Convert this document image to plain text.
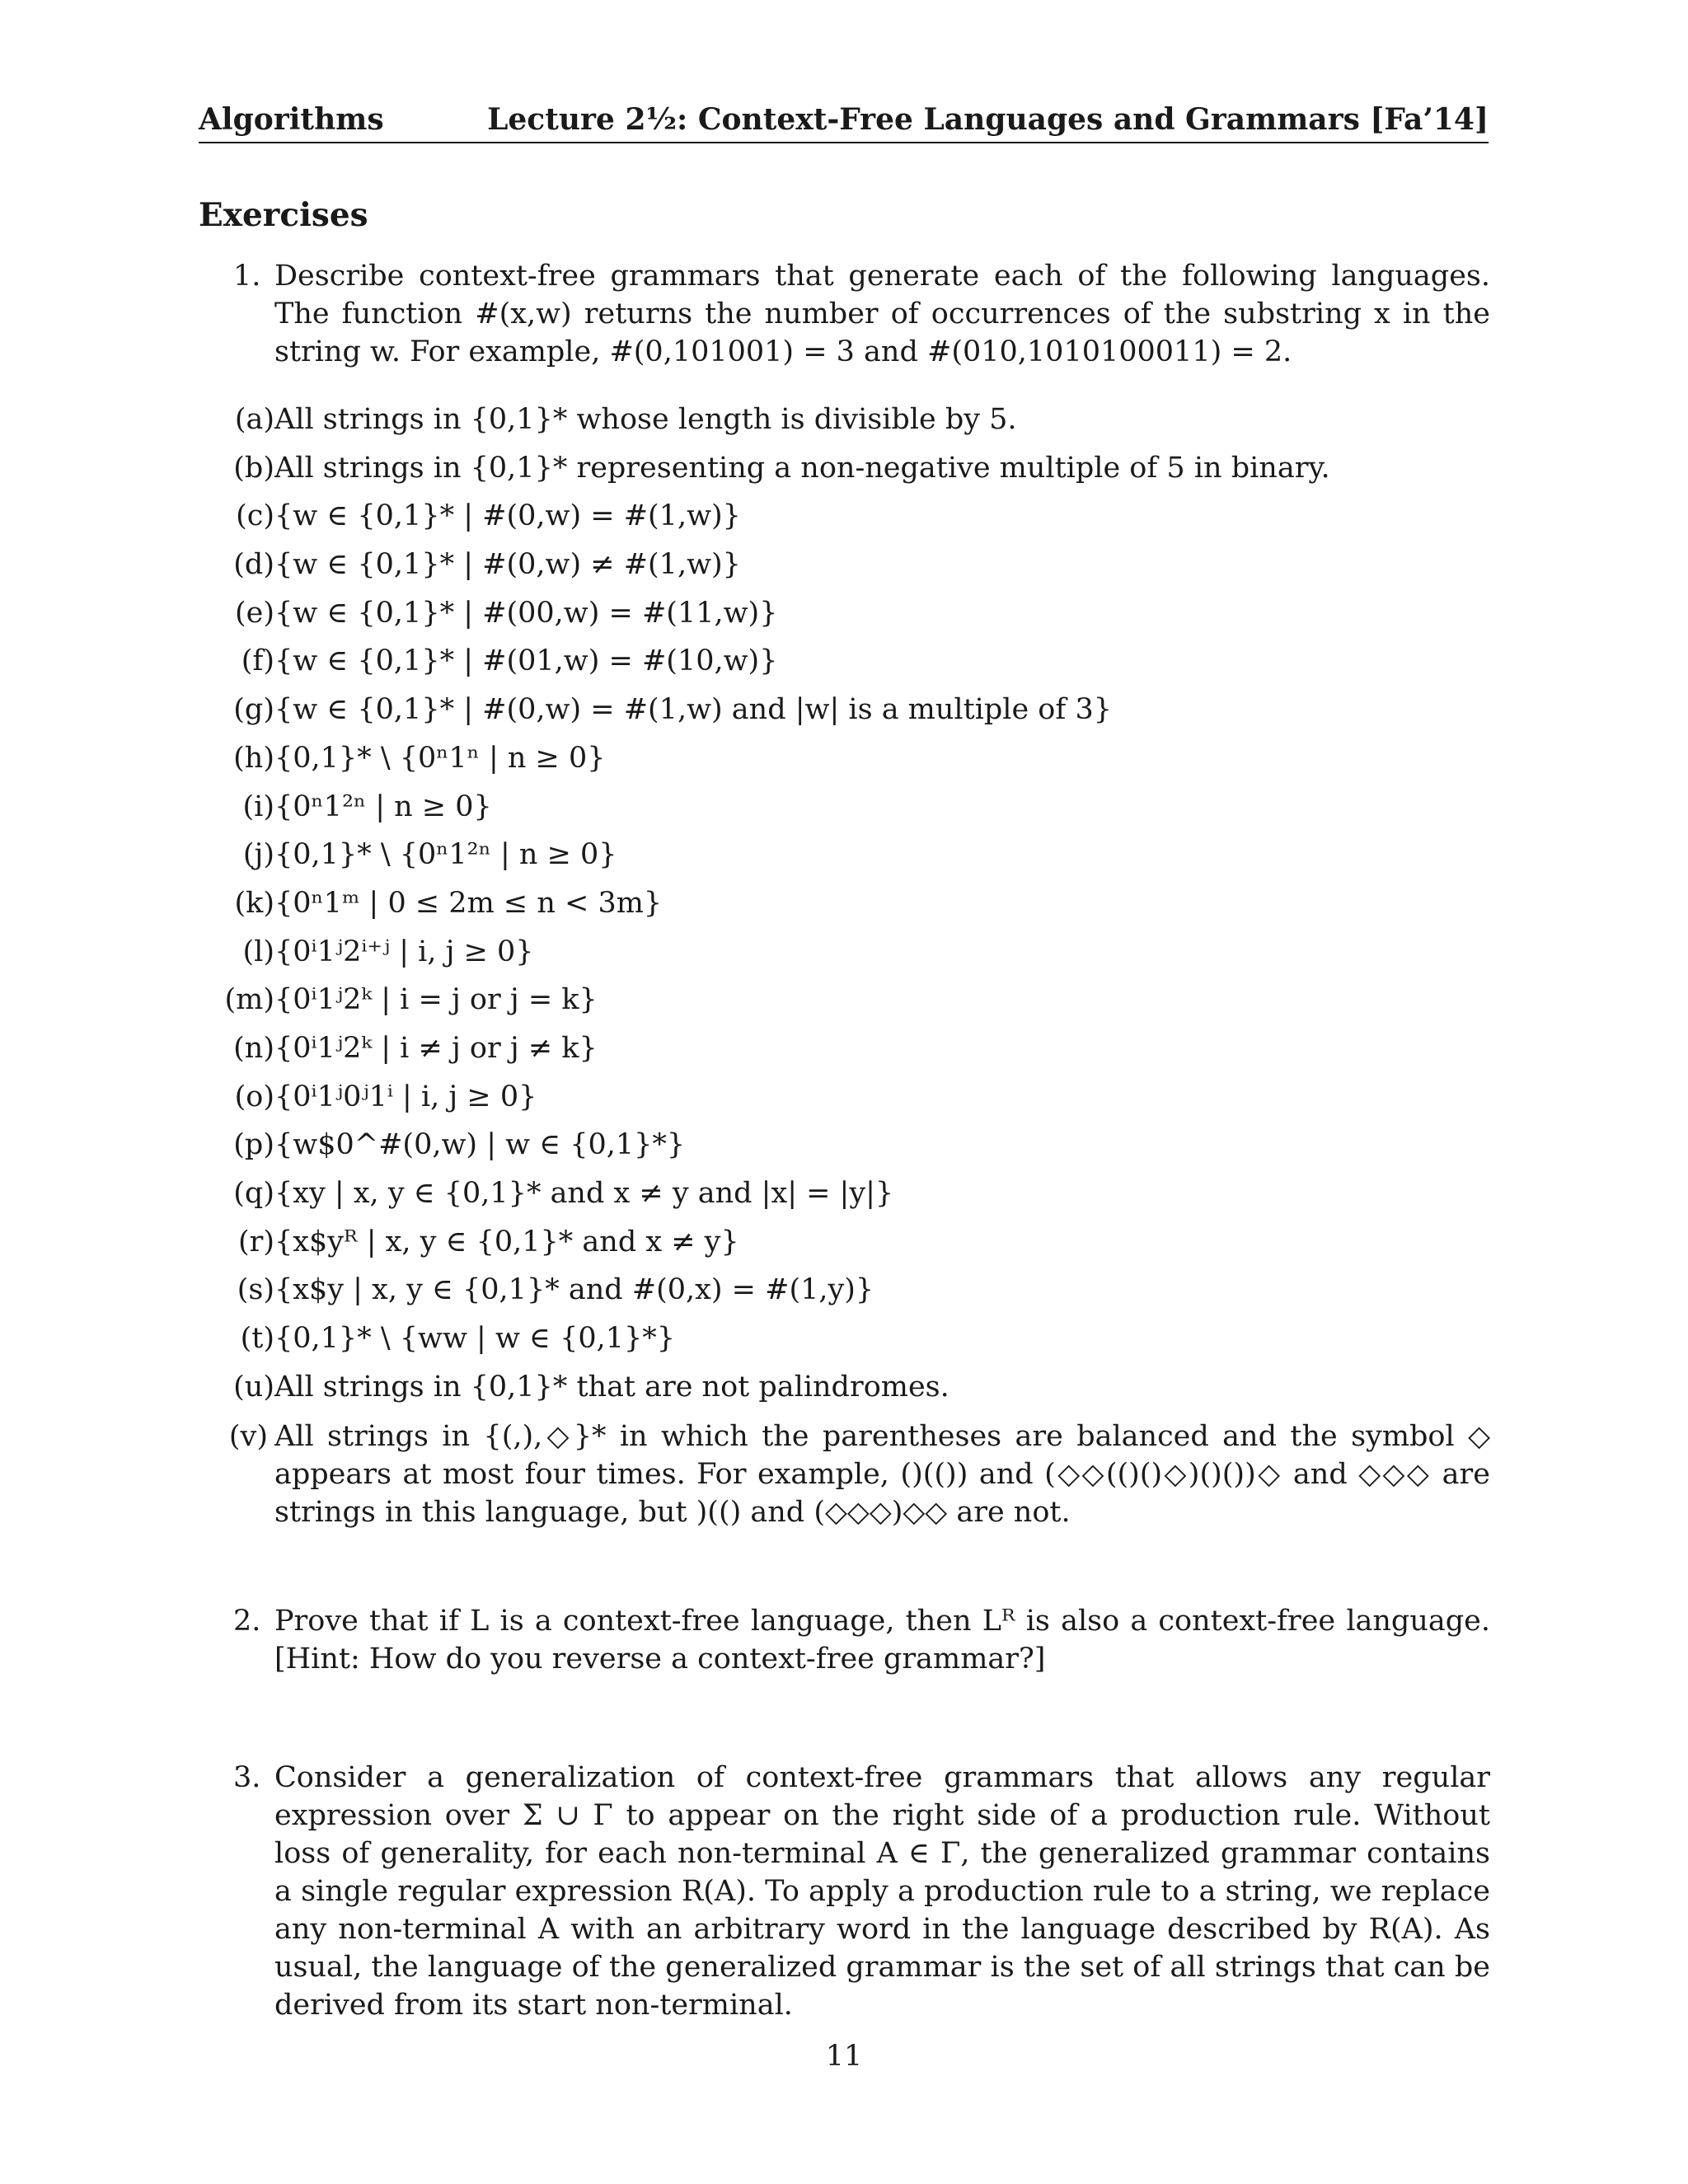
Algorithms	Lecture 2½: Context-Free Languages and Grammars [Fa’14]
Exercises
1. Describe context-free grammars that generate each of the following languages. The function #(x,w) returns the number of occurrences of the substring x in the string w. For example, #(0,101001) = 3 and #(010,1010100011) = 2.
(a) All strings in {0,1}* whose length is divisible by 5.
(b) All strings in {0,1}* representing a non-negative multiple of 5 in binary.
(c) {w ∈ {0,1}* | #(0,w) = #(1,w)}
(d) {w ∈ {0,1}* | #(0,w) ≠ #(1,w)}
(e) {w ∈ {0,1}* | #(00,w) = #(11,w)}
(f) {w ∈ {0,1}* | #(01,w) = #(10,w)}
(g) {w ∈ {0,1}* | #(0,w) = #(1,w) and |w| is a multiple of 3}
(h) {0,1}* \ {0ⁿ1ⁿ | n ≥ 0}
(i) {0ⁿ1²ⁿ | n ≥ 0}
(j) {0,1}* \ {0ⁿ1²ⁿ | n ≥ 0}
(k) {0ⁿ1ᵐ | 0 ≤ 2m ≤ n < 3m}
(l) {0ⁱ1ʲ2ⁱ⁺ʲ | i, j ≥ 0}
(m) {0ⁱ1ʲ2ᵏ | i = j or j = k}
(n) {0ⁱ1ʲ2ᵏ | i ≠ j or j ≠ k}
(o) {0ⁱ1ʲ0ʲ1ⁱ | i, j ≥ 0}
(p) {w$0^#(0,w) | w ∈ {0,1}*}
(q) {xy | x, y ∈ {0,1}* and x ≠ y and |x| = |y|}
(r) {x$yᴿ | x, y ∈ {0,1}* and x ≠ y}
(s) {x$y | x, y ∈ {0,1}* and #(0,x) = #(1,y)}
(t) {0,1}* \ {ww | w ∈ {0,1}*}
(u) All strings in {0,1}* that are not palindromes.
(v) All strings in {(,),◇}* in which the parentheses are balanced and the symbol ◇ appears at most four times. For example, ()(()) and (◇◇(()()◇)()())◇ and ◇◇◇ are strings in this language, but )(() and (◇◇◇)◇◇ are not.
2. Prove that if L is a context-free language, then Lᴿ is also a context-free language. [Hint: How do you reverse a context-free grammar?]
3. Consider a generalization of context-free grammars that allows any regular expression over Σ ∪ Γ to appear on the right side of a production rule. Without loss of generality, for each non-terminal A ∈ Γ, the generalized grammar contains a single regular expression R(A). To apply a production rule to a string, we replace any non-terminal A with an arbitrary word in the language described by R(A). As usual, the language of the generalized grammar is the set of all strings that can be derived from its start non-terminal.
11
